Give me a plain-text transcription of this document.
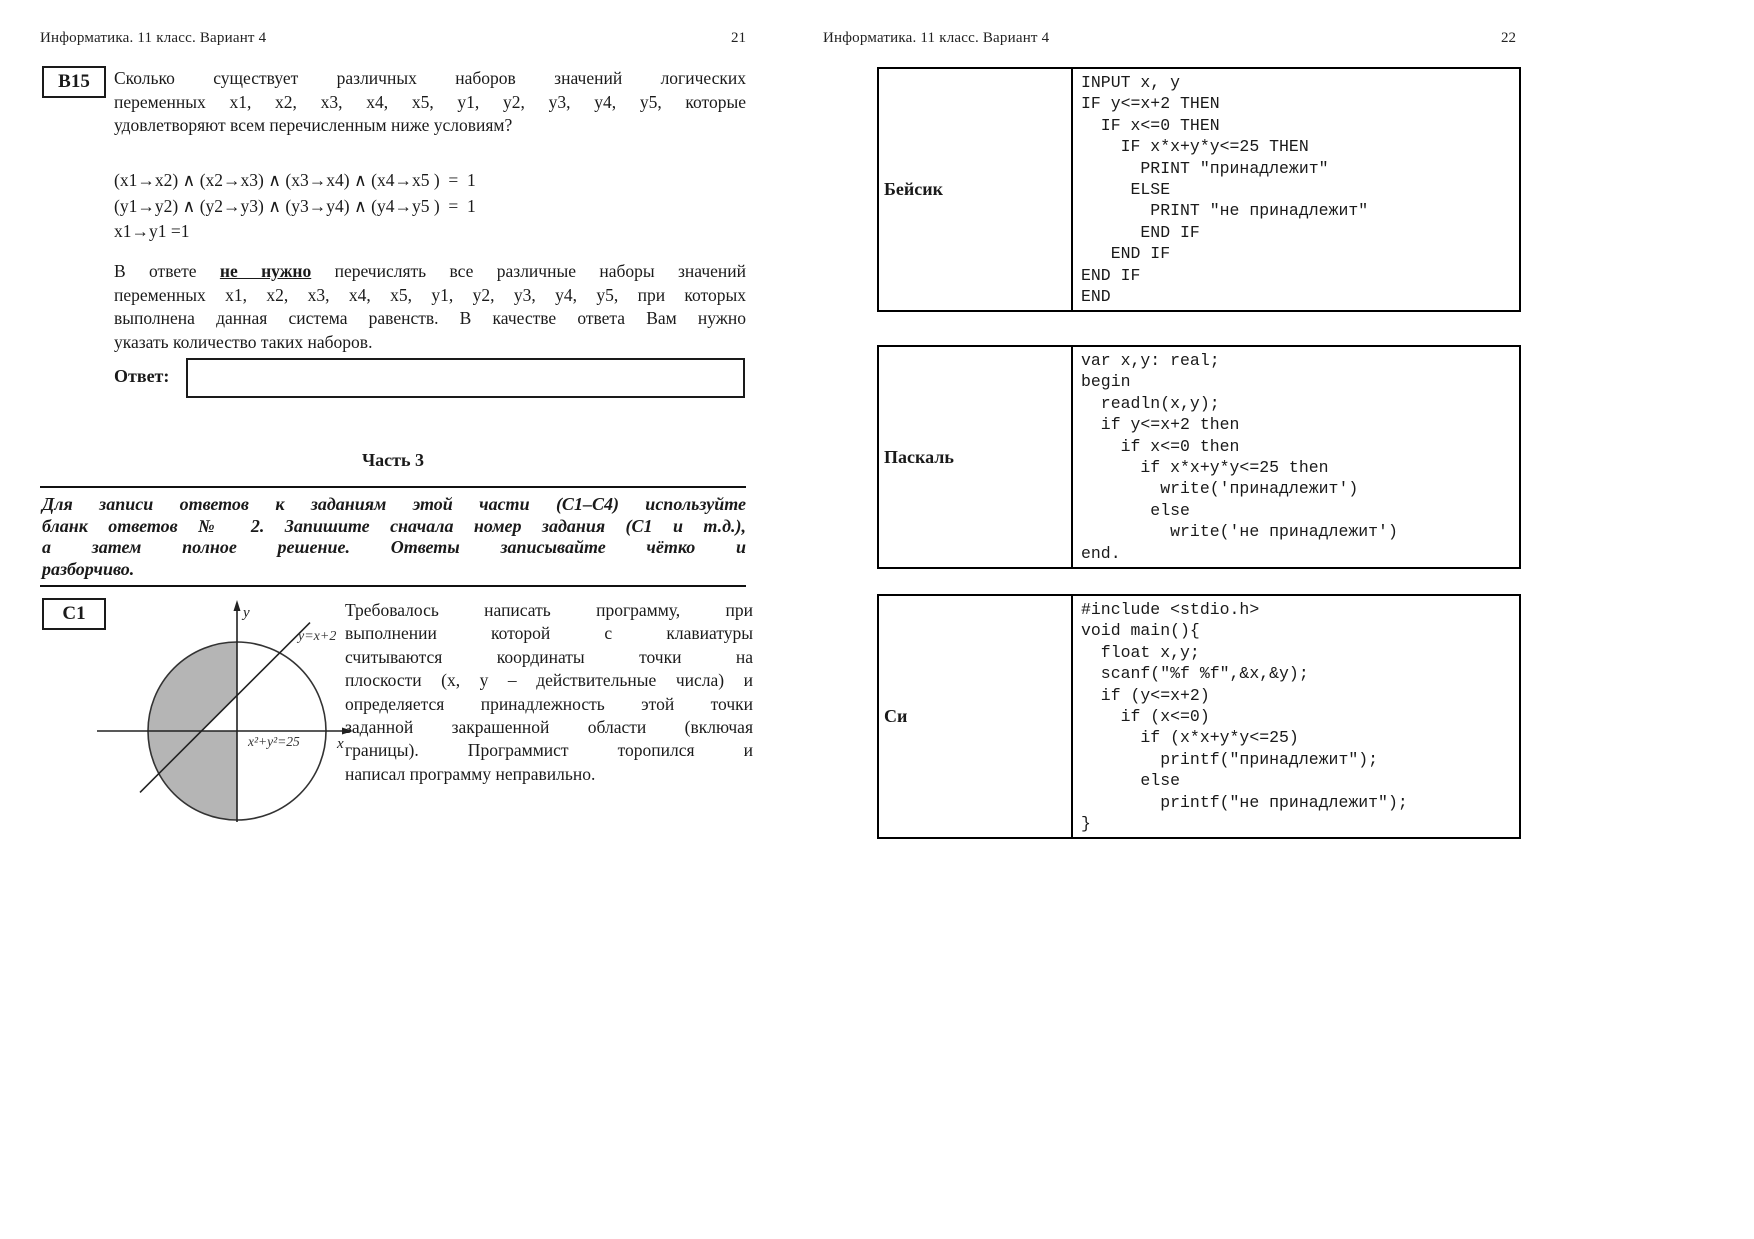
Информатика. 11 класс. Вариант 4	21
В15 Сколько существует различных наборов значений логических
переменных x1, x2, x3, x4, x5, y1, y2, y3, y4, y5, которые
удовлетворяют всем перечисленным ниже условиям?
(x1→x2) ∧ (x2→x3) ∧ (x3→x4) ∧ (x4→x5 )  =  1
(y1→y2) ∧ (y2→y3) ∧ (y3→y4) ∧ (y4→y5 )  =  1
x1→y1 =1
В ответе не нужно перечислять все различные наборы значений
переменных x1, x2, x3, x4, x5, y1, y2, y3, y4, y5, при которых
выполнена данная система равенств. В качестве ответа Вам нужно
указать количество таких наборов.
Ответ:
Часть 3
Для записи ответов к заданиям этой части (С1–С4) используйте
бланк ответов № 2. Запишите сначала номер задания (С1 и т.д.),
а затем полное решение. Ответы записывайте чётко и
разборчиво.
С1	y
x
y=x+2
x²+y²=25
Требовалось написать программу, при
выполнении которой с клавиатуры
считываются координаты точки на
плоскости (x, y – действительные числа) и
определяется принадлежность этой точки
заданной закрашенной области (включая
границы). Программист торопился и
написал программу неправильно.
Информатика. 11 класс. Вариант 4	22
Бейсик
INPUT x, y
IF y<=x+2 THEN
IF x<=0 THEN
IF x*x+y*y<=25 THEN
PRINT "принадлежит"
ELSE
PRINT "не принадлежит"
END IF
END IF
END IF
END
Паскаль
var x,y: real;
begin
readln(x,y);
if y<=x+2 then
if x<=0 then
if x*x+y*y<=25 then
write('принадлежит')
else
write('не принадлежит')
end.
Си
#include <stdio.h>
void main(){
float x,y;
scanf("%f %f",&x,&y);
if (y<=x+2)
if (x<=0)
if (x*x+y*y<=25)
printf("принадлежит");
else
printf("не принадлежит");
}
